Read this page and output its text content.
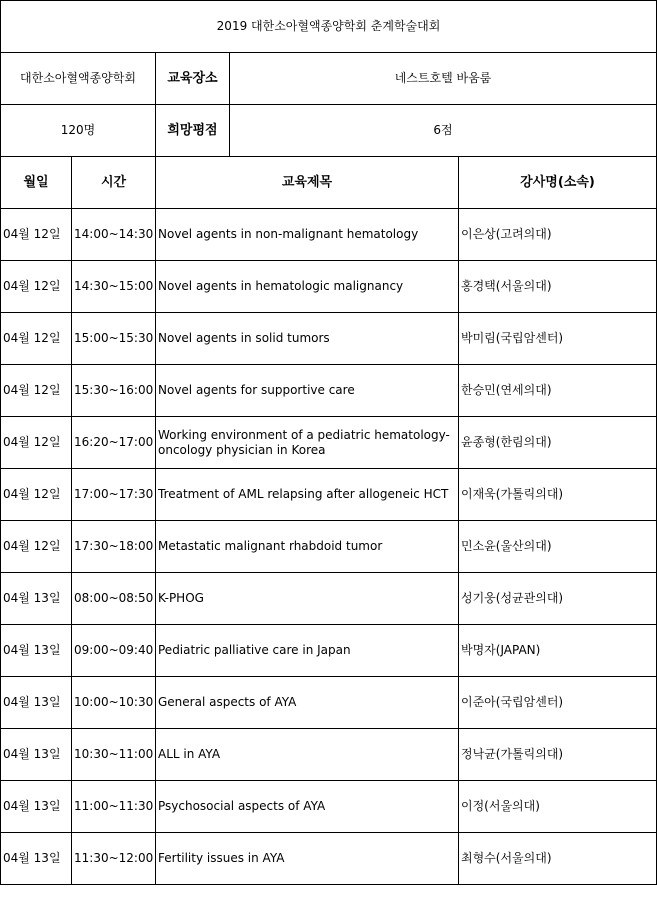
2019 대한소아혈액종양학회 춘계학술대회				
대한소아혈액종양학회		교육장소	네스트호텔 바움룸	
120명		희망평점	6점	
월일	시간	교육제목		강사명(소속)
04월 12일	14:00~14:30	Novel agents in non-malignant hematology		이은상(고려의대)
04월 12일	14:30~15:00	Novel agents in hematologic malignancy		홍경택(서울의대)
04월 12일	15:00~15:30	Novel agents in solid tumors		박미림(국립암센터)
04월 12일	15:30~16:00	Novel agents for supportive care		한승민(연세의대)
04월 12일	16:20~17:00	Working environment of a pediatric hematology-oncology physician in Korea		윤종형(한림의대)
04월 12일	17:00~17:30	Treatment of AML relapsing after allogeneic HCT		이재욱(가톨릭의대)
04월 12일	17:30~18:00	Metastatic malignant rhabdoid tumor		민소윤(울산의대)
04월 13일	08:00~08:50	K-PHOG		성기웅(성균관의대)
04월 13일	09:00~09:40	Pediatric palliative care in Japan		박명자(JAPAN)
04월 13일	10:00~10:30	General aspects of AYA		이준아(국립암센터)
04월 13일	10:30~11:00	ALL in AYA		정낙균(가톨릭의대)
04월 13일	11:00~11:30	Psychosocial aspects of AYA		이정(서울의대)
04월 13일	11:30~12:00	Fertility issues in AYA		최형수(서울의대)
